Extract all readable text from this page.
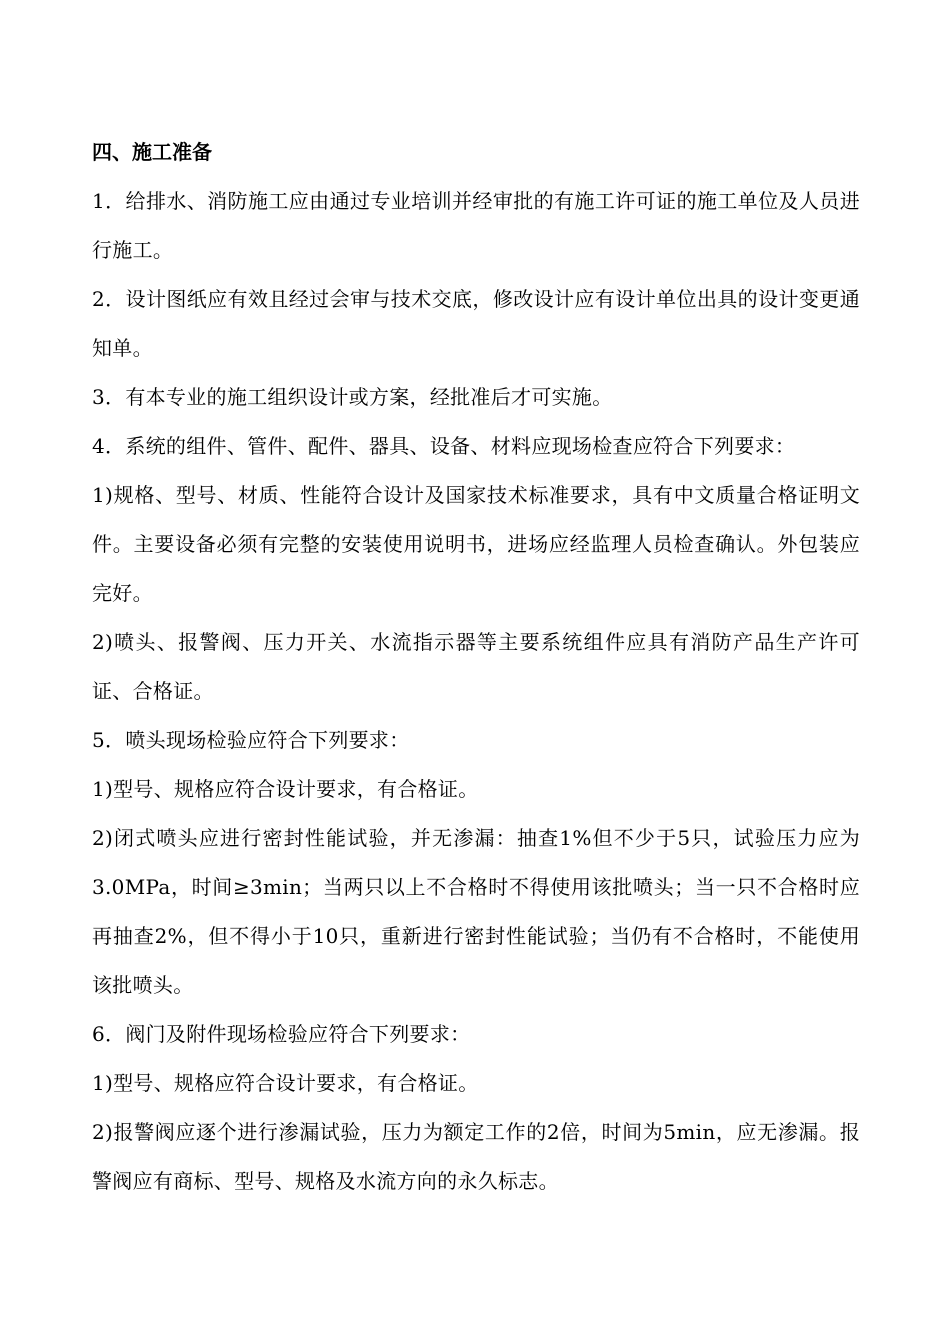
四、施工准备
1．给排水、消防施工应由通过专业培训并经审批的有施工许可证的施工单位及人员进行施工。
2．设计图纸应有效且经过会审与技术交底，修改设计应有设计单位出具的设计变更通知单。
3．有本专业的施工组织设计或方案，经批准后才可实施。
4．系统的组件、管件、配件、器具、设备、材料应现场检查应符合下列要求：
1)规格、型号、材质、性能符合设计及国家技术标准要求，具有中文质量合格证明文件。主要设备必须有完整的安装使用说明书，进场应经监理人员检查确认。外包装应完好。
2)喷头、报警阀、压力开关、水流指示器等主要系统组件应具有消防产品生产许可证、合格证。
5．喷头现场检验应符合下列要求：
1)型号、规格应符合设计要求，有合格证。
2)闭式喷头应进行密封性能试验，并无渗漏：抽查1%但不少于5只，试验压力应为3.0MPa，时间≥3min；当两只以上不合格时不得使用该批喷头；当一只不合格时应再抽查2%，但不得小于10只，重新进行密封性能试验；当仍有不合格时，不能使用该批喷头。
6．阀门及附件现场检验应符合下列要求：
1)型号、规格应符合设计要求，有合格证。
2)报警阀应逐个进行渗漏试验，压力为额定工作的2倍，时间为5min，应无渗漏。报警阀应有商标、型号、规格及水流方向的永久标志。
